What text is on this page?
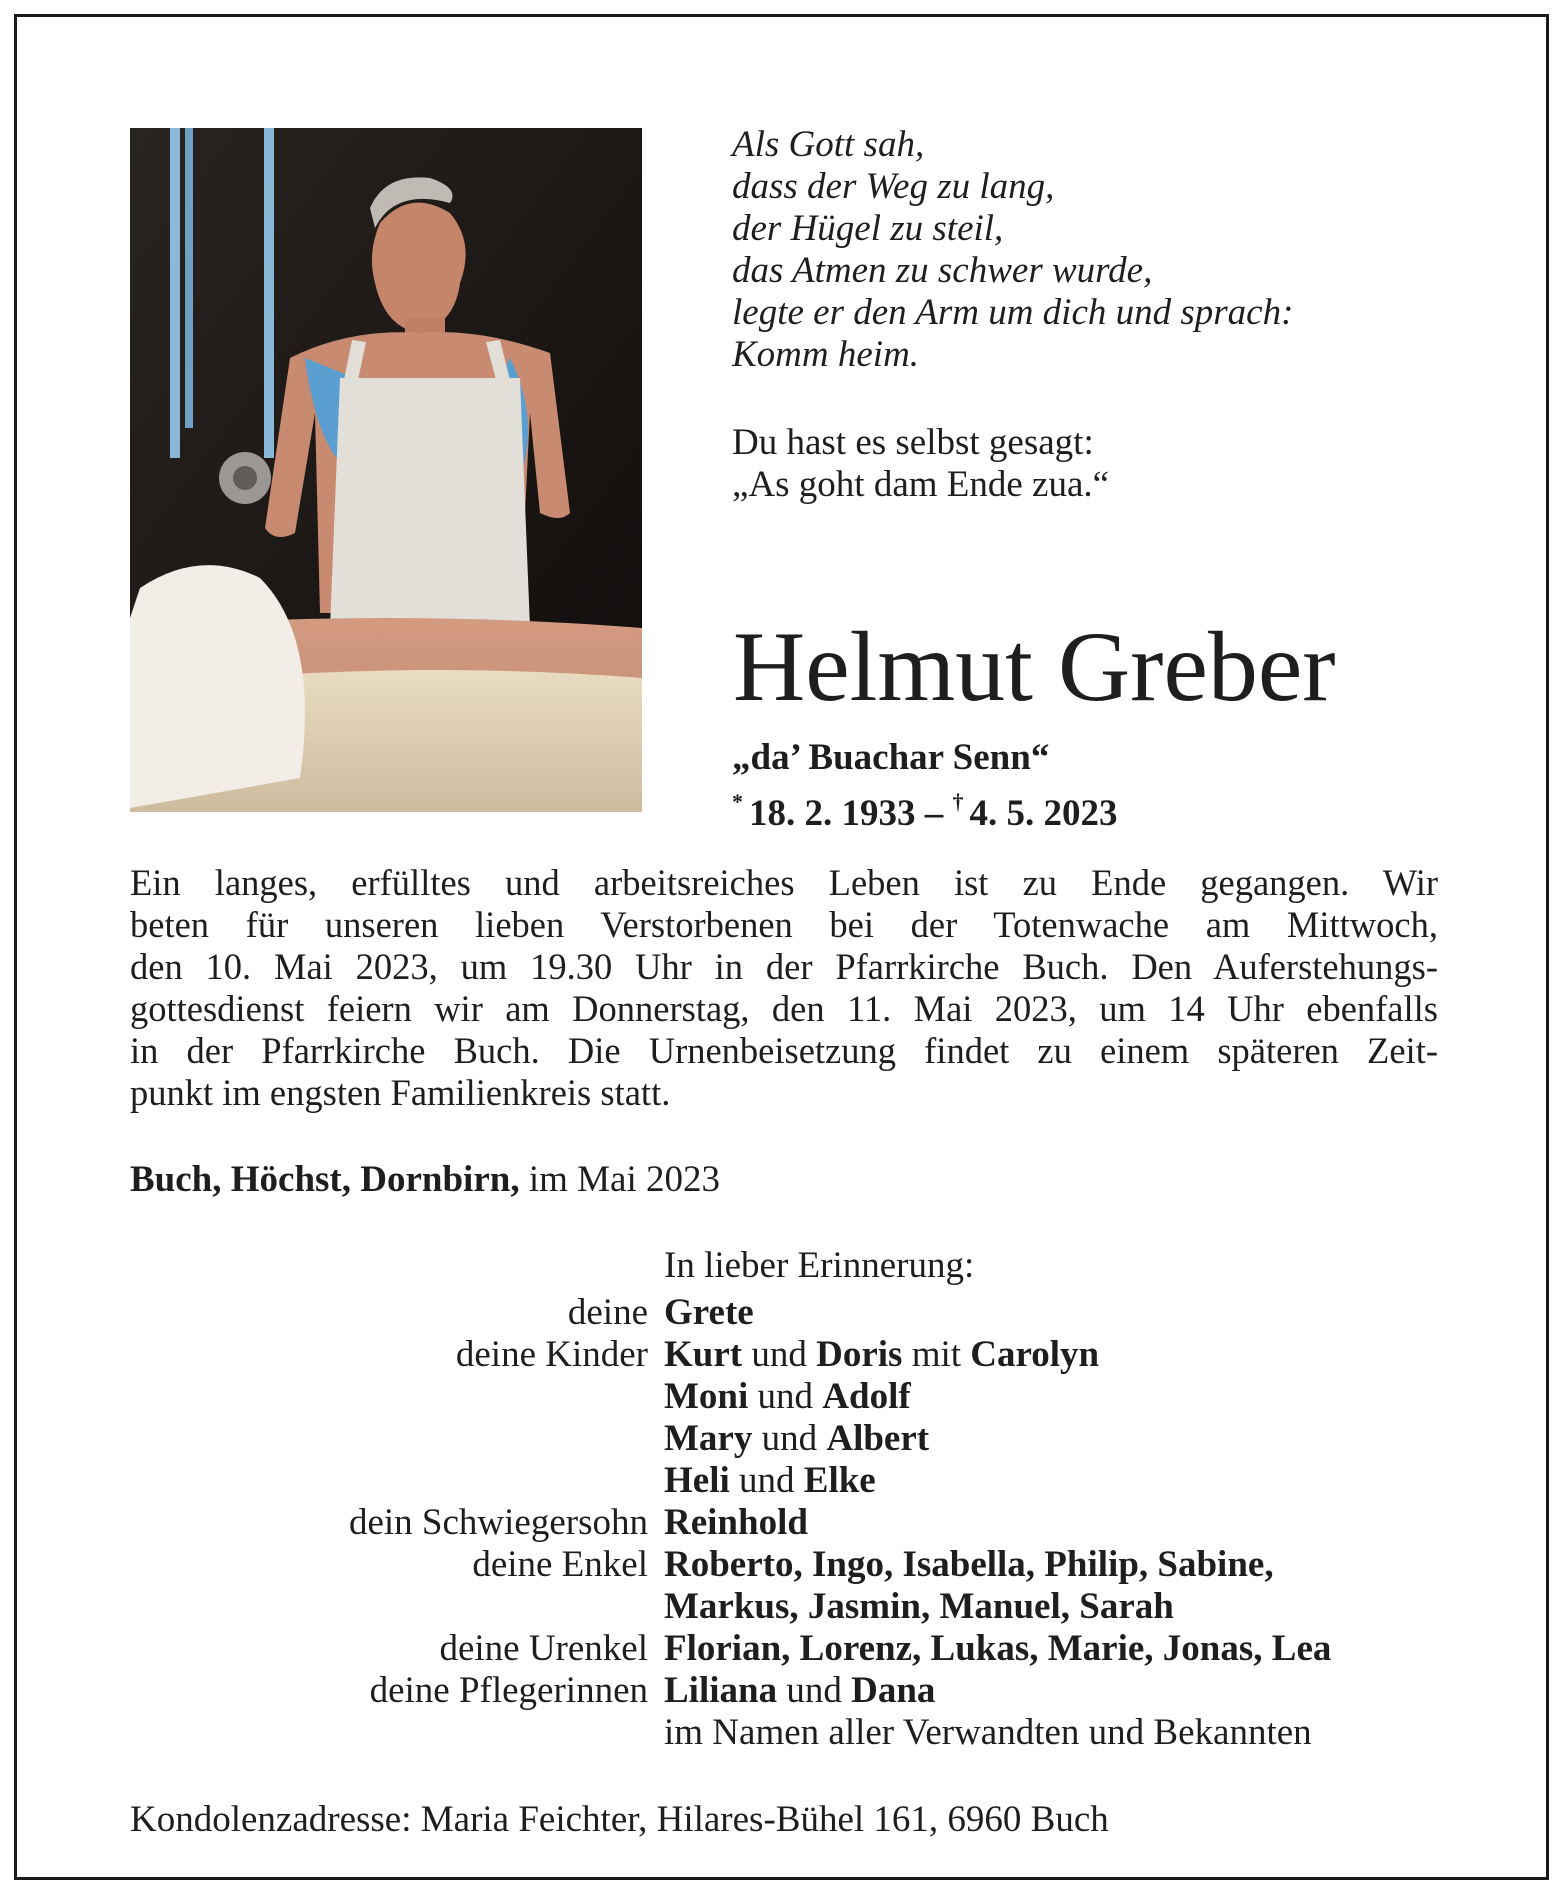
Als Gott sah,
dass der Weg zu lang,
der Hügel zu steil,
das Atmen zu schwer wurde,
legte er den Arm um dich und sprach:
Komm heim.
Du hast es selbst gesagt:
„As goht dam Ende zua.“
Helmut Greber
„da’ Buachar Senn“
* 18. 2. 1933 – † 4. 5. 2023
Ein langes, erfülltes und arbeitsreiches Leben ist zu Ende gegangen. Wir
beten für unseren lieben Verstorbenen bei der Totenwache am Mittwoch,
den 10. Mai 2023, um 19.30 Uhr in der Pfarrkirche Buch. Den Auferstehungs-
gottesdienst feiern wir am Donnerstag, den 11. Mai 2023, um 14 Uhr ebenfalls
in der Pfarrkirche Buch. Die Urnenbeisetzung findet zu einem späteren Zeit-
punkt im engsten Familienkreis statt.
Buch, Höchst, Dornbirn, im Mai 2023
In lieber Erinnerung:
deine Grete
deine Kinder Kurt und Doris mit Carolyn
Moni und Adolf
Mary und Albert
Heli und Elke
dein Schwiegersohn Reinhold
deine Enkel Roberto, Ingo, Isabella, Philip, Sabine,
Markus, Jasmin, Manuel, Sarah
deine Urenkel Florian, Lorenz, Lukas, Marie, Jonas, Lea
deine Pflegerinnen Liliana und Dana
im Namen aller Verwandten und Bekannten
Kondolenzadresse: Maria Feichter, Hilares-Bühel 161, 6960 Buch
